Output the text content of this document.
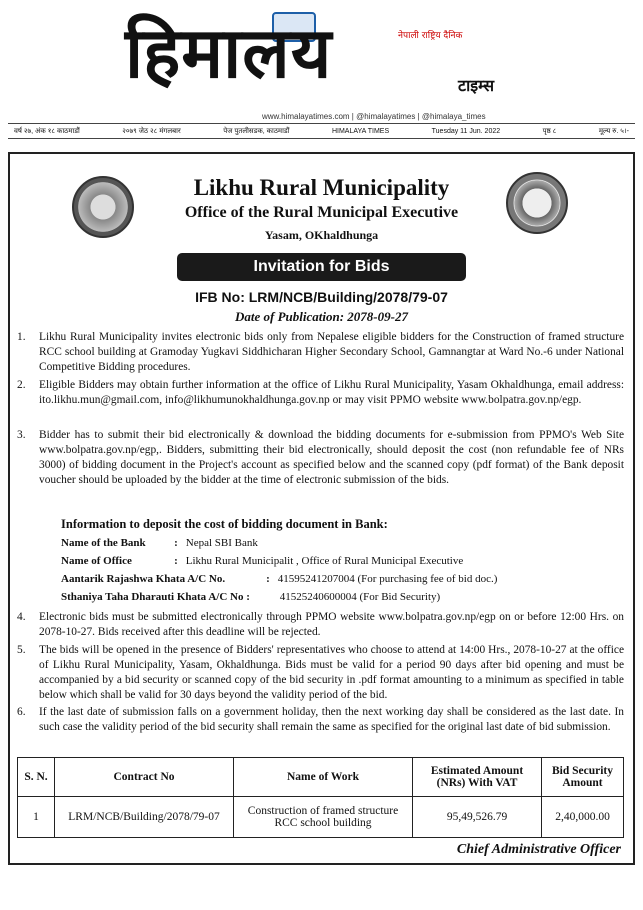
हिमालय	नेपाली राष्ट्रिय दैनिक
टाइम्स
www.himalayatimes.com | @himalayatimes | @himalaya_times
वर्ष २७, अंक १८ काठमाडौं	२०७९ जेठ २८ मंगलबार	पेज पुतलीसडक, काठमाडौं	HIMALAYA TIMES	Tuesday 11 Jun. 2022	पृष्ठ ८	मूल्य रु. ५।-
Likhu Rural Municipality
Office of the Rural Municipal Executive
Yasam, OKhaldhunga
Invitation for Bids
IFB No: LRM/NCB/Building/2078/79-07
Date of Publication: 2078-09-27
1. Likhu Rural Municipality invites electronic bids only from Nepalese eligible bidders for the Construction of framed structure RCC school building at Gramoday Yugkavi Siddhicharan Higher Secondary School, Gamnangtar at Ward No.-6 under National Competitive Bidding procedures.
2. Eligible Bidders may obtain further information at the office of Likhu Rural Municipality, Yasam Okhaldhunga, email address: ito.likhu.mun@gmail.com, info@likhumunokhaldhunga.gov.np or may visit PPMO website www.bolpatra.gov.np/egp.
3. Bidder has to submit their bid electronically & download the bidding documents for e-submission from PPMO's Web Site www.bolpatra.gov.np/egp,. Bidders, submitting their bid electronically, should deposit the cost (non refundable fee of NRs 3000) of bidding document in the Project's account as specified below and the scanned copy (pdf format) of the Bank deposit voucher should be uploaded by the bidder at the time of electronic submission of the bids.
Information to deposit the cost of bidding document in Bank:
Name of the Bank	: Nepal SBI Bank
Name of Office	: Likhu Rural Municipalit , Office of Rural Municipal Executive
Aantarik Rajashwa Khata A/C No.	: 41595241207004 (For purchasing fee of bid doc.)
Sthaniya Taha Dharauti Khata A/C No :	41525240600004 (For Bid Security)
4. Electronic bids must be submitted electronically through PPMO website www.bolpatra.gov.np/egp on or before 12:00 Hrs. on 2078-10-27. Bids received after this deadline will be rejected.
5. The bids will be opened in the presence of Bidders' representatives who choose to attend at 14:00 Hrs., 2078-10-27 at the office of Likhu Rural Municipality, Yasam, Okhaldhunga. Bids must be valid for a period 90 days after bid opening and must be accompanied by a bid security or scanned copy of the bid security in .pdf format amounting to a minimum as specified in table below which shall be valid for 30 days beyond the validity period of the bid.
6. If the last date of submission falls on a government holiday, then the next working day shall be considered as the last date. In such case the validity period of the bid security shall remain the same as specified for the original last date of bid submission.
S. N.	Contract No	Name of Work	Estimated Amount (NRs) With VAT	Bid Security Amount
1	LRM/NCB/Building/2078/79-07	Construction of framed structure RCC school building	95,49,526.79	2,40,000.00
Chief Administrative Officer
